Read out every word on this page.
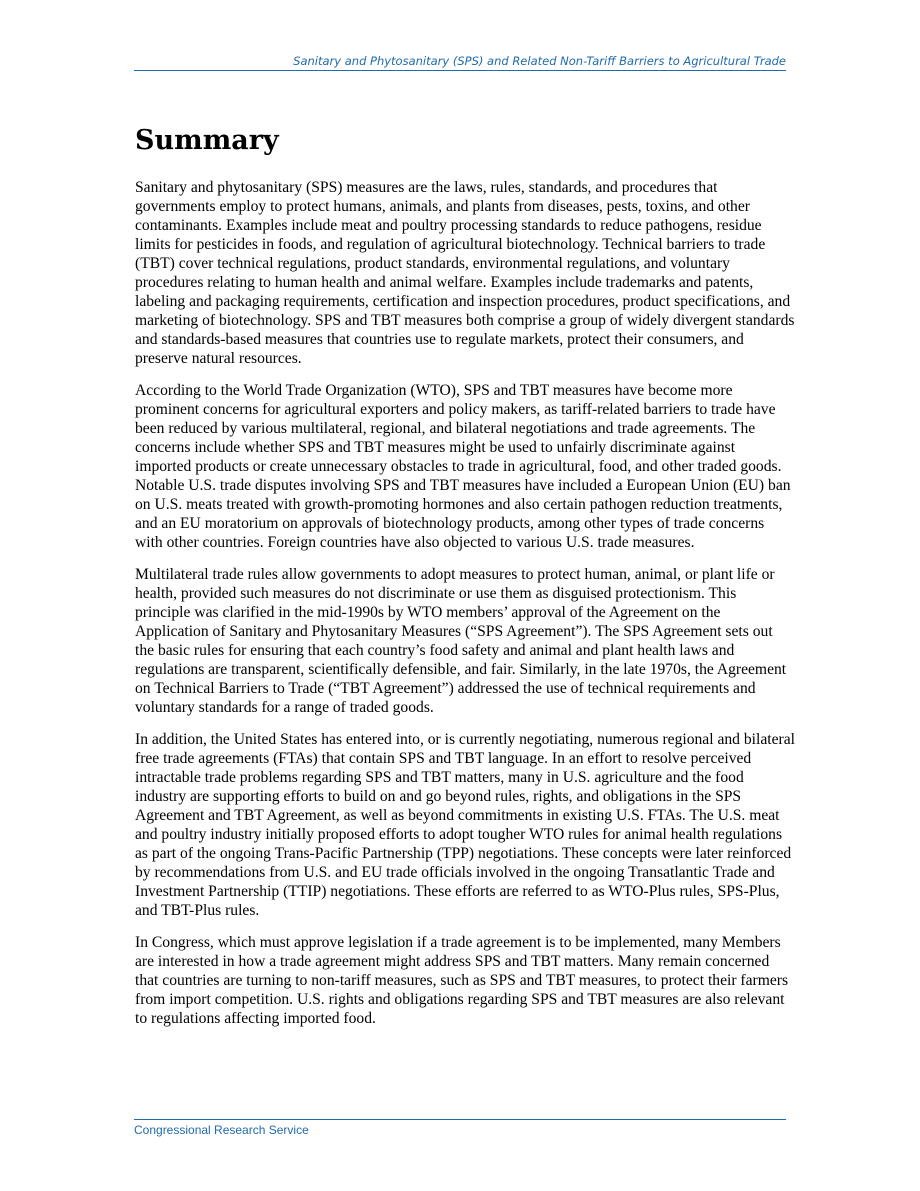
Sanitary and Phytosanitary (SPS) and Related Non-Tariff Barriers to Agricultural Trade
Summary

Sanitary and phytosanitary (SPS) measures are the laws, rules, standards, and procedures that governments employ to protect humans, animals, and plants from diseases, pests, toxins, and other contaminants. Examples include meat and poultry processing standards to reduce pathogens, residue limits for pesticides in foods, and regulation of agricultural biotechnology. Technical barriers to trade (TBT) cover technical regulations, product standards, environmental regulations, and voluntary procedures relating to human health and animal welfare. Examples include trademarks and patents, labeling and packaging requirements, certification and inspection procedures, product specifications, and marketing of biotechnology. SPS and TBT measures both comprise a group of widely divergent standards and standards-based measures that countries use to regulate markets, protect their consumers, and preserve natural resources.

According to the World Trade Organization (WTO), SPS and TBT measures have become more prominent concerns for agricultural exporters and policy makers, as tariff-related barriers to trade have been reduced by various multilateral, regional, and bilateral negotiations and trade agreements. The concerns include whether SPS and TBT measures might be used to unfairly discriminate against imported products or create unnecessary obstacles to trade in agricultural, food, and other traded goods. Notable U.S. trade disputes involving SPS and TBT measures have included a European Union (EU) ban on U.S. meats treated with growth-promoting hormones and also certain pathogen reduction treatments, and an EU moratorium on approvals of biotechnology products, among other types of trade concerns with other countries. Foreign countries have also objected to various U.S. trade measures.

Multilateral trade rules allow governments to adopt measures to protect human, animal, or plant life or health, provided such measures do not discriminate or use them as disguised protectionism. This principle was clarified in the mid-1990s by WTO members’ approval of the Agreement on the Application of Sanitary and Phytosanitary Measures (“SPS Agreement”). The SPS Agreement sets out the basic rules for ensuring that each country’s food safety and animal and plant health laws and regulations are transparent, scientifically defensible, and fair. Similarly, in the late 1970s, the Agreement on Technical Barriers to Trade (“TBT Agreement”) addressed the use of technical requirements and voluntary standards for a range of traded goods.

In addition, the United States has entered into, or is currently negotiating, numerous regional and bilateral free trade agreements (FTAs) that contain SPS and TBT language. In an effort to resolve perceived intractable trade problems regarding SPS and TBT matters, many in U.S. agriculture and the food industry are supporting efforts to build on and go beyond rules, rights, and obligations in the SPS Agreement and TBT Agreement, as well as beyond commitments in existing U.S. FTAs. The U.S. meat and poultry industry initially proposed efforts to adopt tougher WTO rules for animal health regulations as part of the ongoing Trans-Pacific Partnership (TPP) negotiations. These concepts were later reinforced by recommendations from U.S. and EU trade officials involved in the ongoing Transatlantic Trade and Investment Partnership (TTIP) negotiations. These efforts are referred to as WTO-Plus rules, SPS-Plus, and TBT-Plus rules.

In Congress, which must approve legislation if a trade agreement is to be implemented, many Members are interested in how a trade agreement might address SPS and TBT matters. Many remain concerned that countries are turning to non-tariff measures, such as SPS and TBT measures, to protect their farmers from import competition. U.S. rights and obligations regarding SPS and TBT measures are also relevant to regulations affecting imported food.

Congressional Research Service
